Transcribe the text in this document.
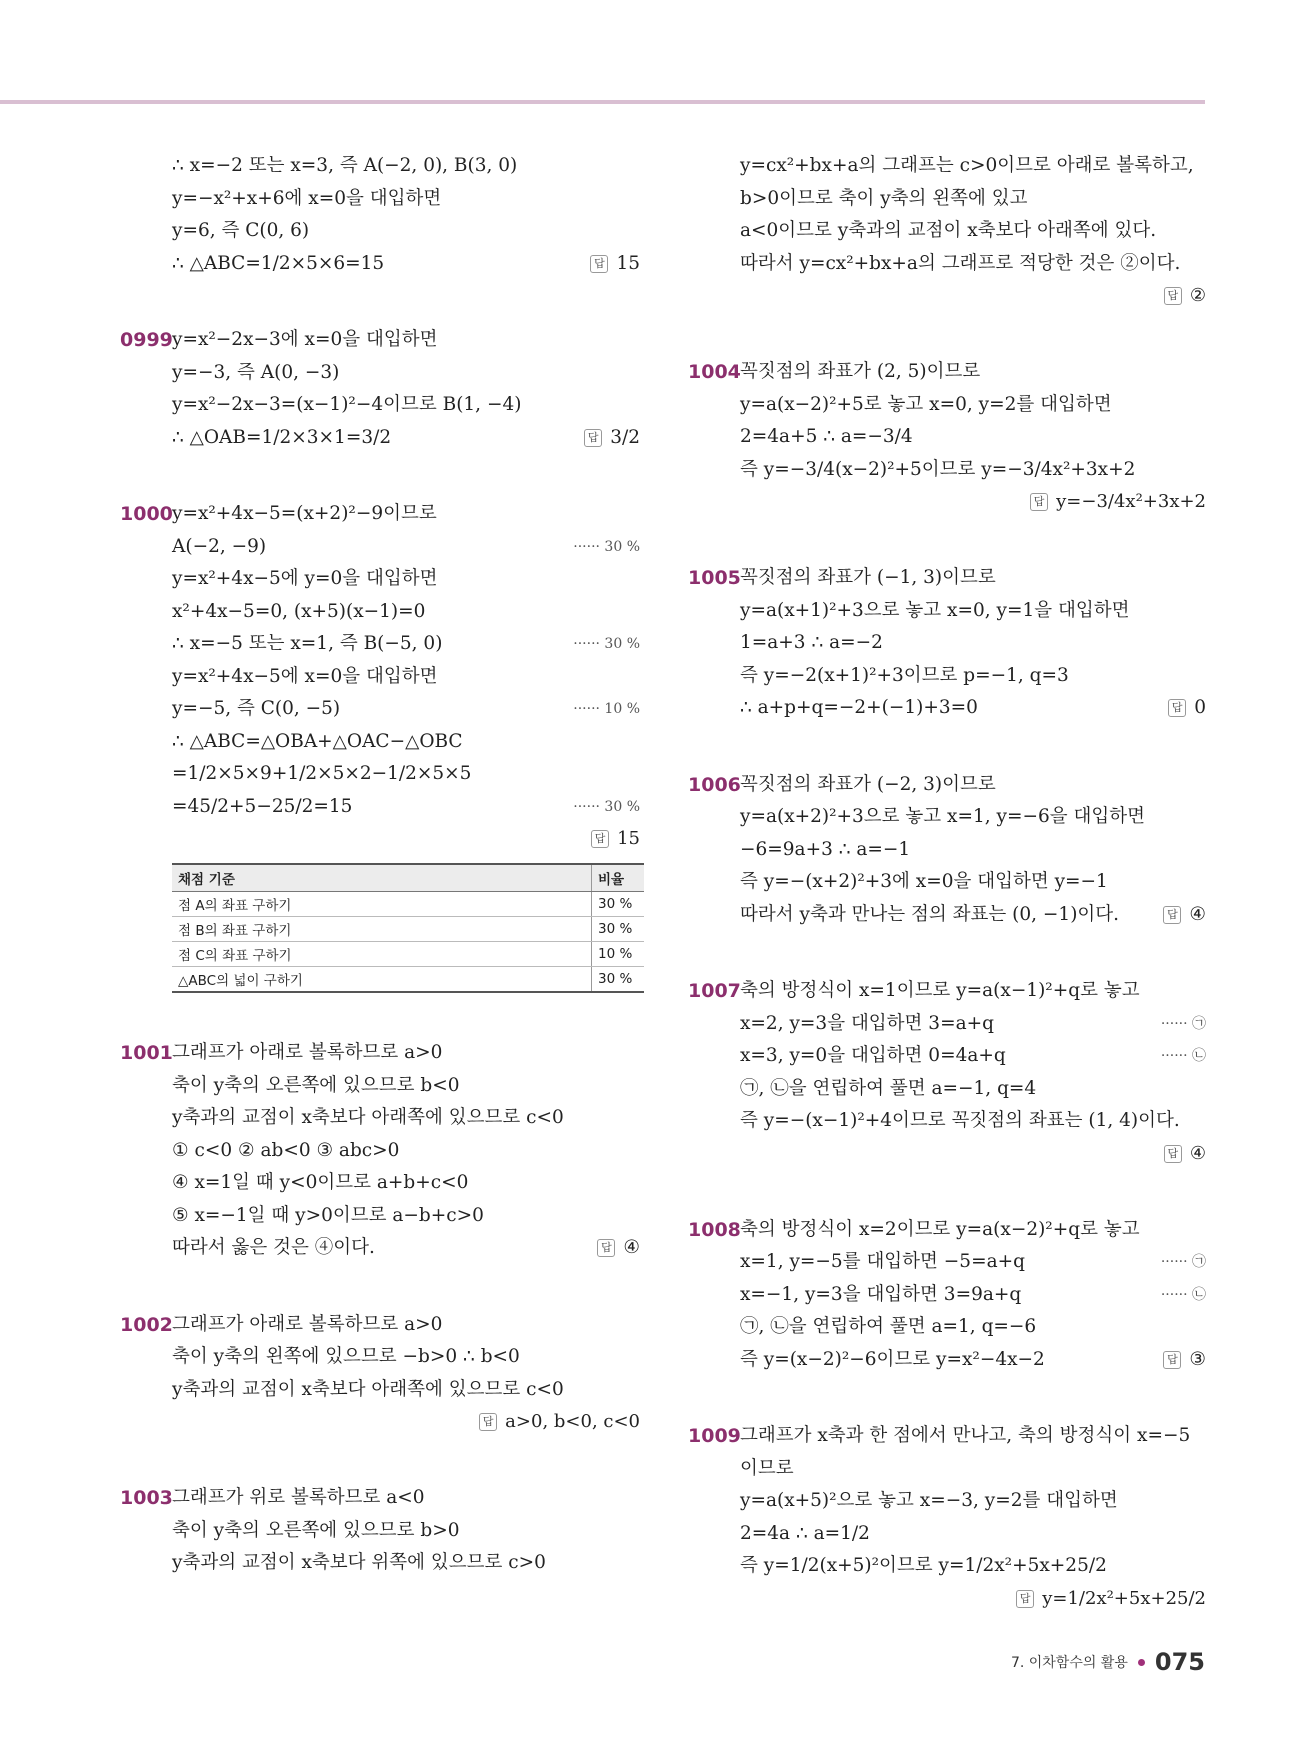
∴ x=−2 또는 x=3, 즉 A(−2, 0), B(3, 0)
y=−x²+x+6에 x=0을 대입하면
y=6, 즉 C(0, 6)
∴ △ABC=1/2×5×6=15	답 15
0999 y=x²−2x−3에 x=0을 대입하면
y=−3, 즉 A(0, −3)
y=x²−2x−3=(x−1)²−4이므로 B(1, −4)
∴ △OAB=1/2×3×1=3/2	답 3/2
1000 y=x²+4x−5=(x+2)²−9이므로
A(−2, −9)	······ 30 %
y=x²+4x−5에 y=0을 대입하면
x²+4x−5=0, (x+5)(x−1)=0
∴ x=−5 또는 x=1, 즉 B(−5, 0)	······ 30 %
y=x²+4x−5에 x=0을 대입하면
y=−5, 즉 C(0, −5)	······ 10 %
∴ △ABC=△OBA+△OAC−△OBC
=1/2×5×9+1/2×5×2−1/2×5×5
=45/2+5−25/2=15	······ 30 %
답 15
채점 기준	비율
점 A의 좌표 구하기	30 %
점 B의 좌표 구하기	30 %
점 C의 좌표 구하기	10 %
△ABC의 넓이 구하기	30 %
1001 그래프가 아래로 볼록하므로 a>0
축이 y축의 오른쪽에 있으므로 b<0
y축과의 교점이 x축보다 아래쪽에 있으므로 c<0
① c<0 ② ab<0 ③ abc>0
④ x=1일 때 y<0이므로 a+b+c<0
⑤ x=−1일 때 y>0이므로 a−b+c>0
따라서 옳은 것은 ④이다.	답 ④
1002 그래프가 아래로 볼록하므로 a>0
축이 y축의 왼쪽에 있으므로 −b>0 ∴ b<0
y축과의 교점이 x축보다 아래쪽에 있으므로 c<0
답 a>0, b<0, c<0
1003 그래프가 위로 볼록하므로 a<0
축이 y축의 오른쪽에 있으므로 b>0
y축과의 교점이 x축보다 위쪽에 있으므로 c>0
y=cx²+bx+a의 그래프는 c>0이므로 아래로 볼록하고,
b>0이므로 축이 y축의 왼쪽에 있고
a<0이므로 y축과의 교점이 x축보다 아래쪽에 있다.
따라서 y=cx²+bx+a의 그래프로 적당한 것은 ②이다.
답 ②
1004 꼭짓점의 좌표가 (2, 5)이므로
y=a(x−2)²+5로 놓고 x=0, y=2를 대입하면
2=4a+5 ∴ a=−3/4
즉 y=−3/4(x−2)²+5이므로 y=−3/4x²+3x+2
답 y=−3/4x²+3x+2
1005 꼭짓점의 좌표가 (−1, 3)이므로
y=a(x+1)²+3으로 놓고 x=0, y=1을 대입하면
1=a+3 ∴ a=−2
즉 y=−2(x+1)²+3이므로 p=−1, q=3
∴ a+p+q=−2+(−1)+3=0	답 0
1006 꼭짓점의 좌표가 (−2, 3)이므로
y=a(x+2)²+3으로 놓고 x=1, y=−6을 대입하면
−6=9a+3 ∴ a=−1
즉 y=−(x+2)²+3에 x=0을 대입하면 y=−1
따라서 y축과 만나는 점의 좌표는 (0, −1)이다.	답 ④
1007 축의 방정식이 x=1이므로 y=a(x−1)²+q로 놓고
x=2, y=3을 대입하면 3=a+q	······ ㉠
x=3, y=0을 대입하면 0=4a+q	······ ㉡
㉠, ㉡을 연립하여 풀면 a=−1, q=4
즉 y=−(x−1)²+4이므로 꼭짓점의 좌표는 (1, 4)이다.
답 ④
1008 축의 방정식이 x=2이므로 y=a(x−2)²+q로 놓고
x=1, y=−5를 대입하면 −5=a+q	······ ㉠
x=−1, y=3을 대입하면 3=9a+q	······ ㉡
㉠, ㉡을 연립하여 풀면 a=1, q=−6
즉 y=(x−2)²−6이므로 y=x²−4x−2	답 ③
1009 그래프가 x축과 한 점에서 만나고, 축의 방정식이 x=−5
이므로
y=a(x+5)²으로 놓고 x=−3, y=2를 대입하면
2=4a ∴ a=1/2
즉 y=1/2(x+5)²이므로 y=1/2x²+5x+25/2
답 y=1/2x²+5x+25/2
7. 이차함수의 활용 075
